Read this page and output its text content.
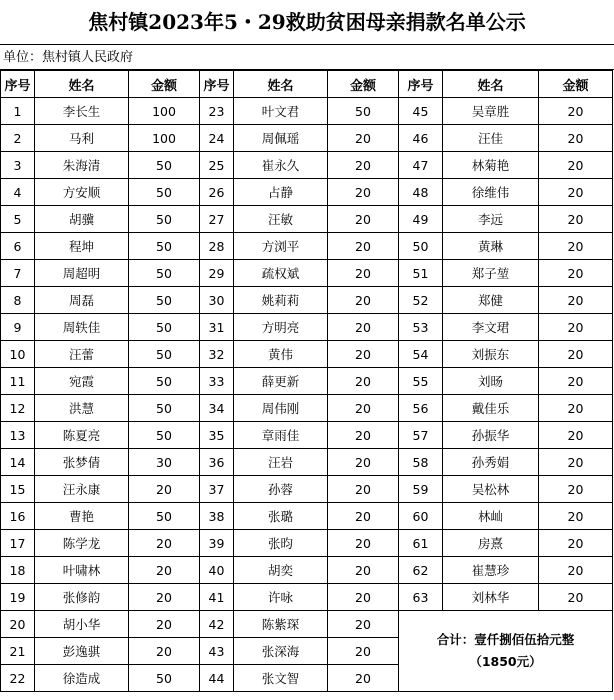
焦村镇2023年5・29救助贫困母亲捐款名单公示
单位：焦村镇人民政府
序号	姓名	金额	序号	姓名	金额	序号	姓名	金额
1	李长生	100	23	叶文君	50	45	吴章胜	20
2	马利	100	24	周佩瑶	20	46	汪佳	20
3	朱海清	50	25	崔永久	20	47	林菊艳	20
4	方安顺	50	26	占静	20	48	徐维伟	20
5	胡骥	50	27	汪敏	20	49	李远	20
6	程坤	50	28	方浏平	20	50	黄琳	20
7	周超明	50	29	疏权斌	20	51	郑子堃	20
8	周磊	50	30	姚莉莉	20	52	郑健	20
9	周轶佳	50	31	方明亮	20	53	李文珺	20
10	汪蕾	50	32	黄伟	20	54	刘振东	20
11	宛霞	50	33	薛更新	20	55	刘旸	20
12	洪慧	50	34	周伟刚	20	56	戴佳乐	20
13	陈夏亮	50	35	章雨佳	20	57	孙振华	20
14	张梦倩	30	36	汪岩	20	58	孙秀娟	20
15	汪永康	20	37	孙蓉	20	59	吴松林	20
16	曹艳	50	38	张璐	20	60	林屾	20
17	陈学龙	20	39	张昀	20	61	房熹	20
18	叶啸林	20	40	胡奕	20	62	崔慧珍	20
19	张修韵	20	41	许咏	20	63	刘林华	20
20	胡小华	20	42	陈紫琛	20	合计：壹仟捌佰伍拾元整
（1850元）		

21	彭逸骐	20	43	张深海	20			
22	徐造成	50	44	张文智	20			
